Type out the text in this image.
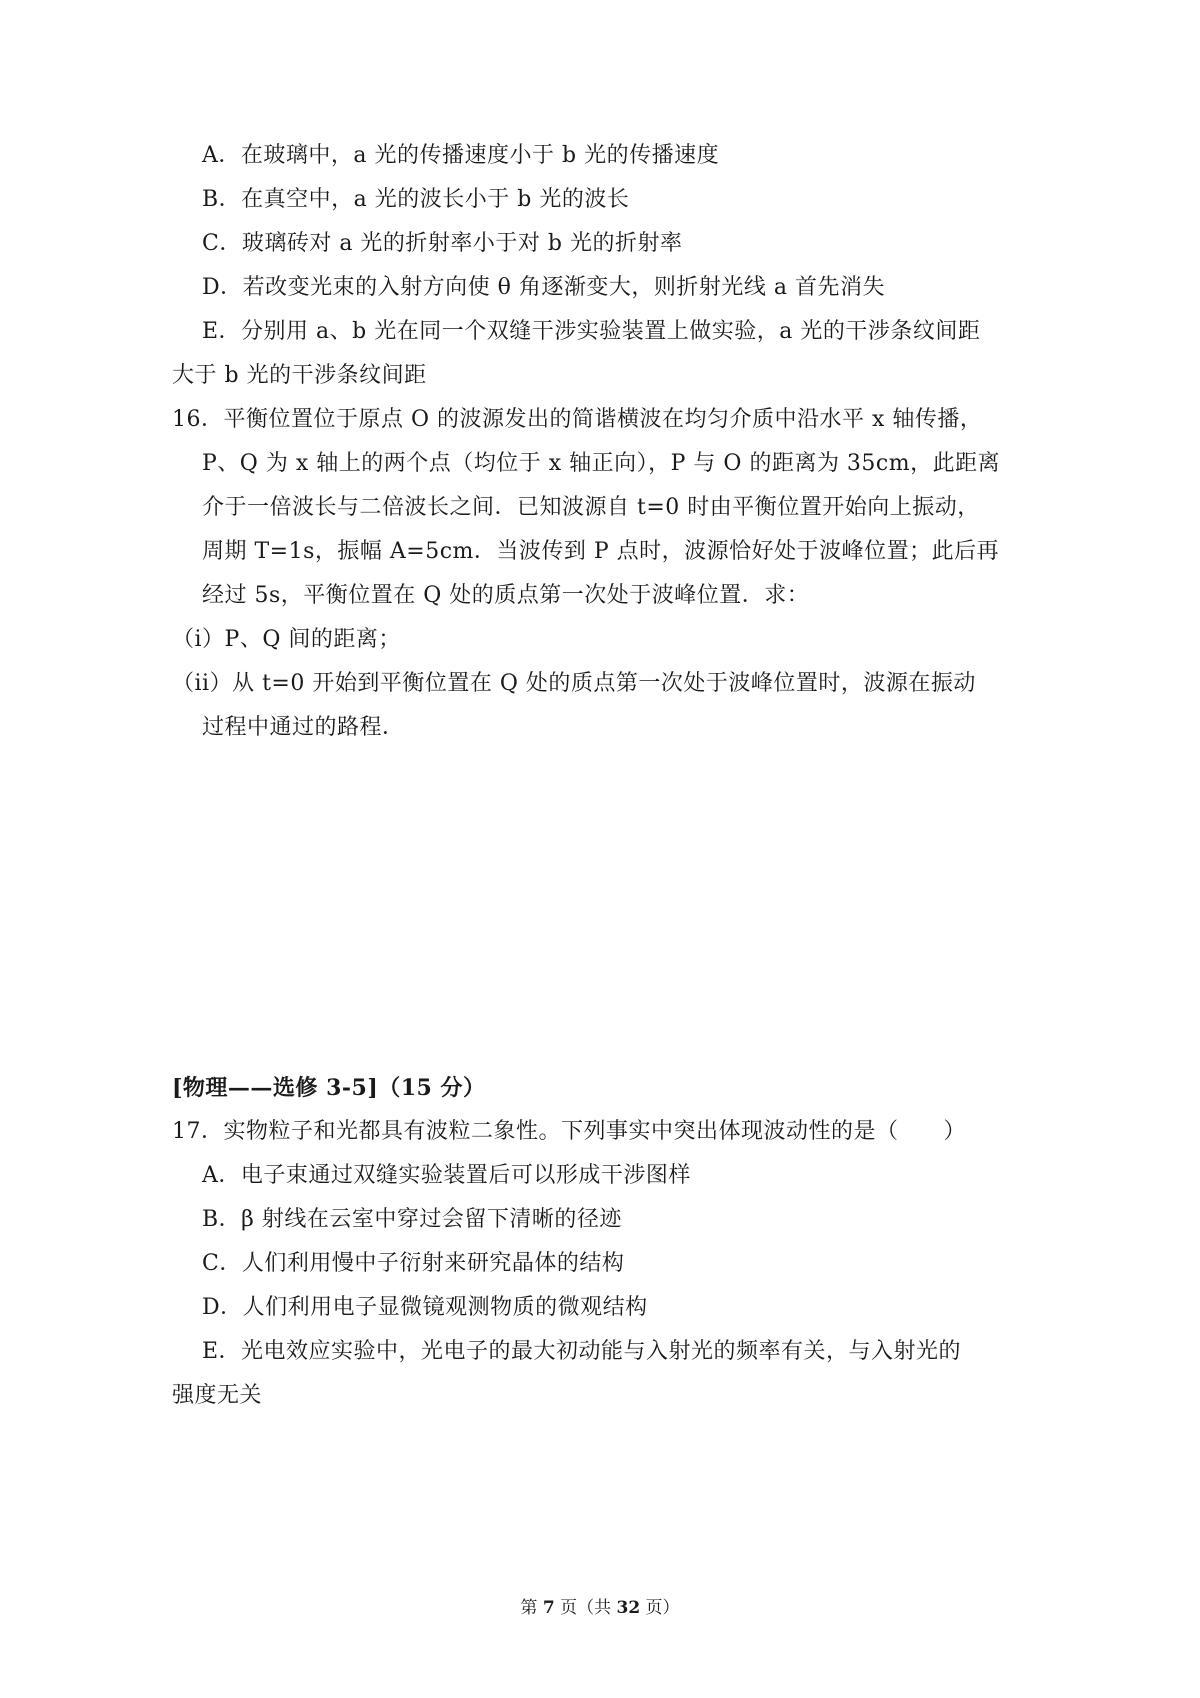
A．在玻璃中，a 光的传播速度小于 b 光的传播速度
B．在真空中，a 光的波长小于 b 光的波长
C．玻璃砖对 a 光的折射率小于对 b 光的折射率
D．若改变光束的入射方向使 θ 角逐渐变大，则折射光线 a 首先消失
E．分别用 a、b 光在同一个双缝干涉实验装置上做实验，a 光的干涉条纹间距
大于 b 光的干涉条纹间距
16．平衡位置位于原点 O 的波源发出的简谐横波在均匀介质中沿水平 x 轴传播，
P、Q 为 x 轴上的两个点（均位于 x 轴正向），P 与 O 的距离为 35cm，此距离
介于一倍波长与二倍波长之间．已知波源自 t=0 时由平衡位置开始向上振动，
周期 T=1s，振幅 A=5cm．当波传到 P 点时，波源恰好处于波峰位置；此后再
经过 5s，平衡位置在 Q 处的质点第一次处于波峰位置．求：
（i）P、Q 间的距离；
（ii）从 t=0 开始到平衡位置在 Q 处的质点第一次处于波峰位置时，波源在振动
过程中通过的路程．
[物理——选修 3-5]（15 分）
17．实物粒子和光都具有波粒二象性。下列事实中突出体现波动性的是（　　）
A．电子束通过双缝实验装置后可以形成干涉图样
B．β 射线在云室中穿过会留下清晰的径迹
C．人们利用慢中子衍射来研究晶体的结构
D．人们利用电子显微镜观测物质的微观结构
E．光电效应实验中，光电子的最大初动能与入射光的频率有关，与入射光的
强度无关
第 7 页（共 32 页）
